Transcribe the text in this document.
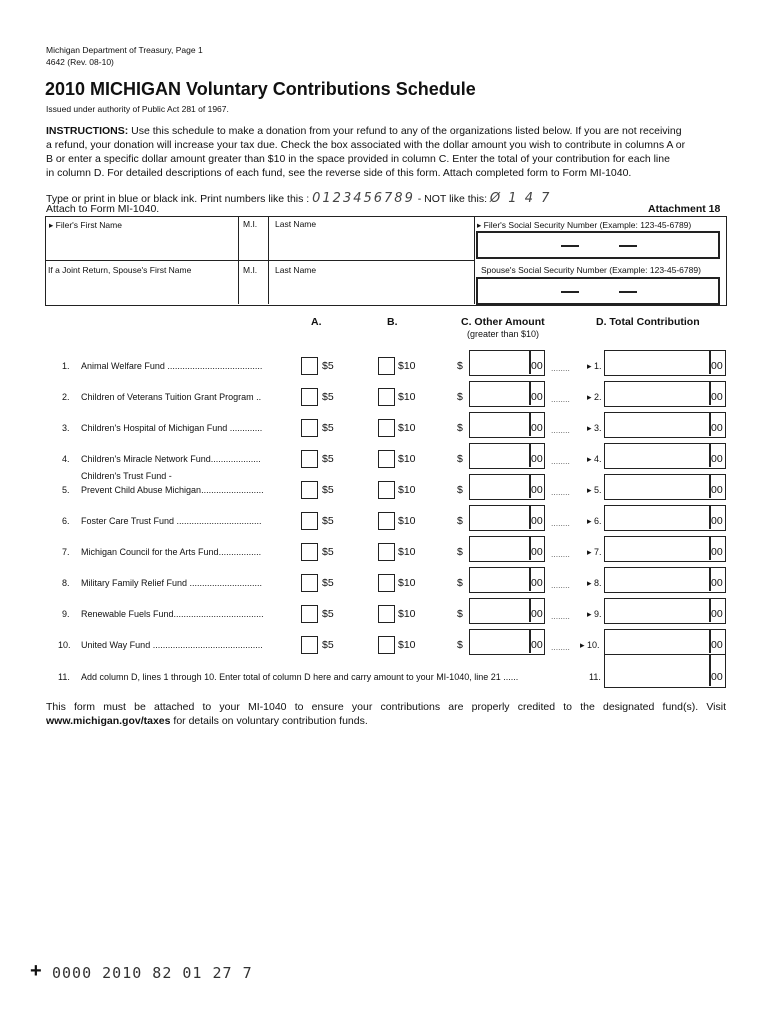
Michigan Department of Treasury, Page 1
4642 (Rev. 08-10)
2010 MICHIGAN Voluntary Contributions Schedule
Issued under authority of Public Act 281 of 1967.
INSTRUCTIONS: Use this schedule to make a donation from your refund to any of the organizations listed below. If you are not receiving
a refund, your donation will increase your tax due. Check the box associated with the dollar amount you wish to contribute in columns A or
B or enter a specific dollar amount greater than $10 in the space provided in column C. Enter the total of your contribution for each line
in column D. For detailed descriptions of each fund, see the reverse side of this form. Attach completed form to Form MI-1040.
Type or print in blue or black ink. Print numbers like this : 0123456789 - NOT like this: Ø 1 4 7
Attach to Form MI-1040.	Attachment 18
▸ Filer's First Name	M.I. Last Name
If a Joint Return, Spouse's First Name	M.I. Last Name
▸ Filer's Social Security Number (Example: 123-45-6789)
Spouse's Social Security Number (Example: 123-45-6789)
A.	B.	C. Other Amount
(greater than $10)
D. Total Contribution
1. Animal Welfare Fund ......................................	$5	$10	$	00 ........ ▸ 1.	00
2. Children of Veterans Tuition Grant Program ..	$5	$10	$	00 ........ ▸ 2.	00
3. Children's Hospital of Michigan Fund .............	$5	$10	$	00 ........ ▸ 3.	00
4. Children's Miracle Network Fund....................	$5	$10	$	00 ........ ▸ 4.	00
5.
Children's Trust Fund -
Prevent Child Abuse Michigan.........................	$5	$10	$	00 ........ ▸ 5.	00
6. Foster Care Trust Fund ..................................	$5	$10	$	00 ........ ▸ 6.	00
7. Michigan Council for the Arts Fund.................	$5	$10	$	00 ........ ▸ 7.	00
8. Military Family Relief Fund .............................	$5	$10	$	00 ........ ▸ 8.	00
9. Renewable Fuels Fund....................................	$5	$10	$	00 ........ ▸ 9.	00
10. United Way Fund ............................................	$5	$10	$	00 ........ ▸ 10.	00
11. Add column D, lines 1 through 10. Enter total of column D here and carry amount to your MI-1040, line 21 ......	11.	00
This form must be attached to your MI-1040 to ensure your contributions are properly credited to the designated fund(s). Visit www.michigan.gov/taxes for details on voluntary contribution funds.
+ 0000 2010 82 01 27 7
